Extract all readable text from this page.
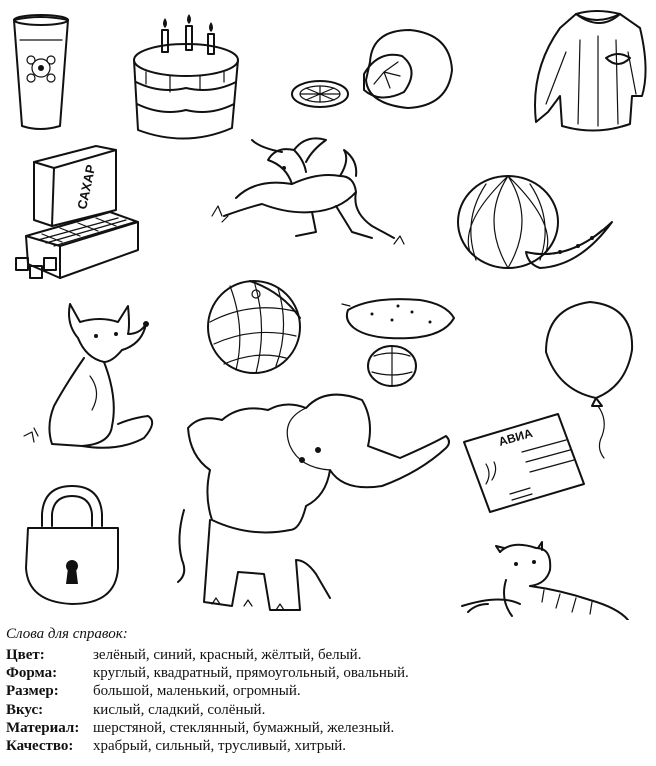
САХАР
АВИА

Слова для справок:

Цвет:	зелёный, синий, красный, жёлтый, белый.
Форма:	круглый, квадратный, прямоугольный, овальный.
Размер:	большой, маленький, огромный.
Вкус:	кислый, сладкий, солёный.
Материал:	шерстяной, стеклянный, бумажный, железный.
Качество:	храбрый, сильный, трусливый, хитрый.
